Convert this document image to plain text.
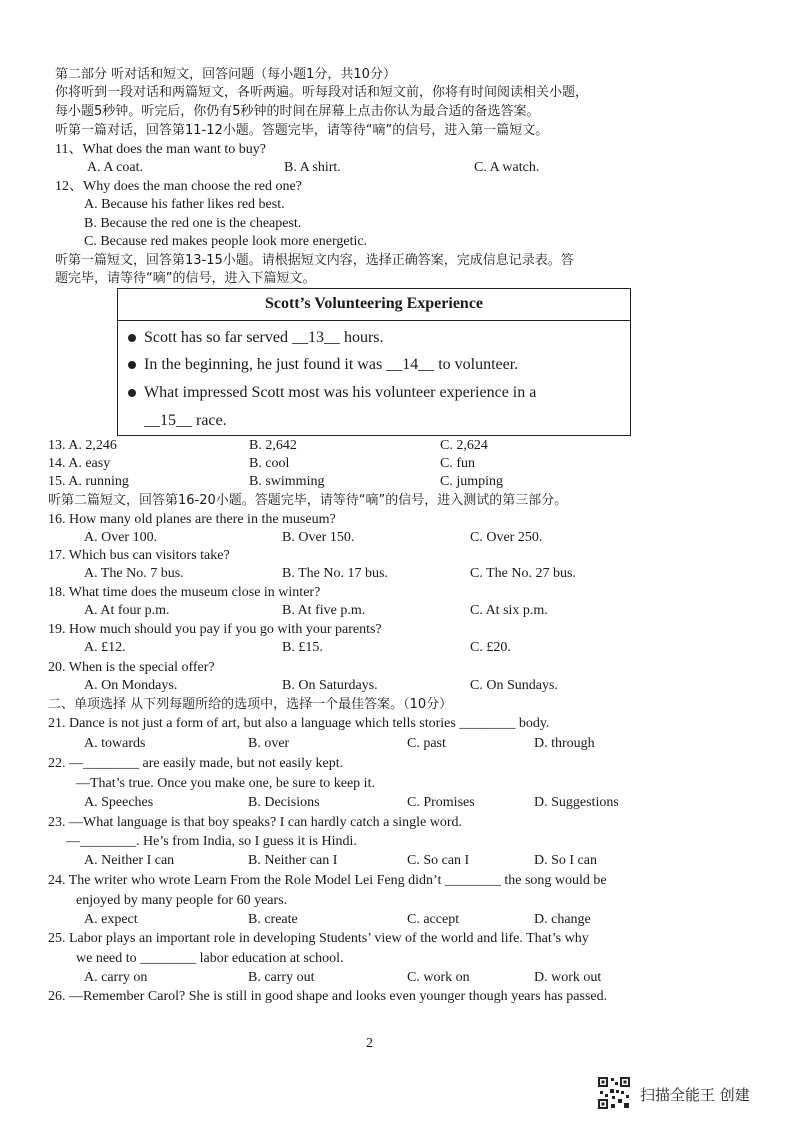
第二部分 听对话和短文，回答问题（每小题1分，共10分）
你将听到一段对话和两篇短文，各听两遍。听每段对话和短文前，你将有时间阅读相关小题，
每小题5秒钟。听完后，你仍有5秒钟的时间在屏幕上点击你认为最合适的备选答案。
听第一篇对话，回答第11-12小题。答题完毕，请等待“嘀”的信号，进入第一篇短文。
11、What does the man want to buy?
A. A coat.	B. A shirt.	C. A watch.
12、Why does the man choose the red one?
A. Because his father likes red best.
B. Because the red one is the cheapest.
C. Because red makes people look more energetic.
听第一篇短文，回答第13-15小题。请根据短文内容，选择正确答案，完成信息记录表。答
题完毕，请等待“嘀”的信号，进入下篇短文。
Scott’s Volunteering Experience
Scott has so far served __13__ hours.
In the beginning, he just found it was __14__ to volunteer.
What impressed Scott most was his volunteer experience in a
__15__ race.
13. A. 2,246	B. 2,642	C. 2,624
14. A. easy	B. cool	C. fun
15. A. running	B. swimming	C. jumping
听第二篇短文，回答第16-20小题。答题完毕，请等待“嘀”的信号，进入测试的第三部分。
16. How many old planes are there in the museum?
A. Over 100.	B. Over 150.	C. Over 250.
17. Which bus can visitors take?
A. The No. 7 bus.	B. The No. 17 bus.	C. The No. 27 bus.
18. What time does the museum close in winter?
A. At four p.m.	B. At five p.m.	C. At six p.m.
19. How much should you pay if you go with your parents?
A. £12.	B. £15.	C. £20.
20. When is the special offer?
A. On Mondays.	B. On Saturdays.	C. On Sundays.
二、单项选择 从下列每题所给的选项中，选择一个最佳答案。（10分）
21. Dance is not just a form of art, but also a language which tells stories ________ body.
A. towards	B. over	C. past	D. through
22. —________ are easily made, but not easily kept.
—That’s true. Once you make one, be sure to keep it.
A. Speeches	B. Decisions	C. Promises	D. Suggestions
23. —What language is that boy speaks? I can hardly catch a single word.
—________. He’s from India, so I guess it is Hindi.
A. Neither I can	B. Neither can I	C. So can I	D. So I can
24. The writer who wrote Learn From the Role Model Lei Feng didn’t ________ the song would be
enjoyed by many people for 60 years.
A. expect	B. create	C. accept	D. change
25. Labor plays an important role in developing Students’ view of the world and life. That’s why
we need to ________ labor education at school.
A. carry on	B. carry out	C. work on	D. work out
26. —Remember Carol? She is still in good shape and looks even younger though years has passed.
2
扫描全能王 创建
